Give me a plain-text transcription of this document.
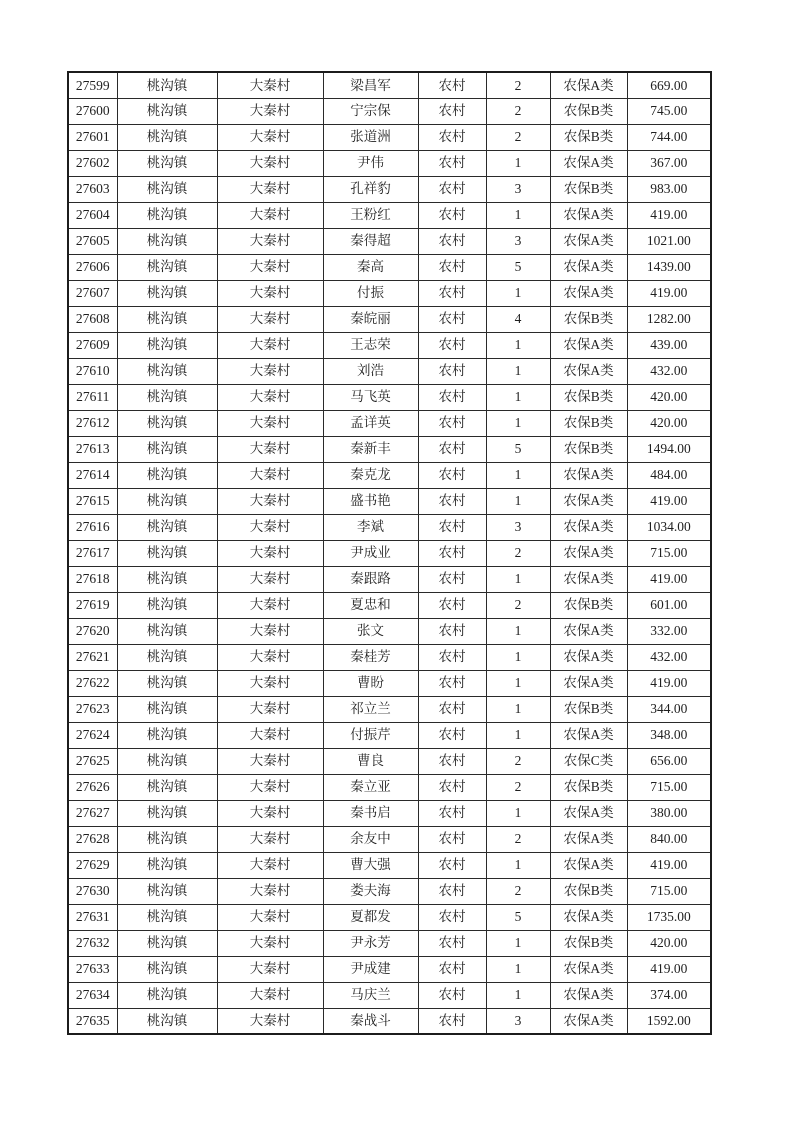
27599	桃沟镇	大秦村	梁昌军	农村	2	农保A类	669.00
27600	桃沟镇	大秦村	宁宗保	农村	2	农保B类	745.00
27601	桃沟镇	大秦村	张道洲	农村	2	农保B类	744.00
27602	桃沟镇	大秦村	尹伟	农村	1	农保A类	367.00
27603	桃沟镇	大秦村	孔祥豹	农村	3	农保B类	983.00
27604	桃沟镇	大秦村	王粉红	农村	1	农保A类	419.00
27605	桃沟镇	大秦村	秦得超	农村	3	农保A类	1021.00
27606	桃沟镇	大秦村	秦高	农村	5	农保A类	1439.00
27607	桃沟镇	大秦村	付振	农村	1	农保A类	419.00
27608	桃沟镇	大秦村	秦皖丽	农村	4	农保B类	1282.00
27609	桃沟镇	大秦村	王志荣	农村	1	农保A类	439.00
27610	桃沟镇	大秦村	刘浩	农村	1	农保A类	432.00
27611	桃沟镇	大秦村	马飞英	农村	1	农保B类	420.00
27612	桃沟镇	大秦村	孟详英	农村	1	农保B类	420.00
27613	桃沟镇	大秦村	秦新丰	农村	5	农保B类	1494.00
27614	桃沟镇	大秦村	秦克龙	农村	1	农保A类	484.00
27615	桃沟镇	大秦村	盛书艳	农村	1	农保A类	419.00
27616	桃沟镇	大秦村	李斌	农村	3	农保A类	1034.00
27617	桃沟镇	大秦村	尹成业	农村	2	农保A类	715.00
27618	桃沟镇	大秦村	秦跟路	农村	1	农保A类	419.00
27619	桃沟镇	大秦村	夏忠和	农村	2	农保B类	601.00
27620	桃沟镇	大秦村	张文	农村	1	农保A类	332.00
27621	桃沟镇	大秦村	秦桂芳	农村	1	农保A类	432.00
27622	桃沟镇	大秦村	曹盼	农村	1	农保A类	419.00
27623	桃沟镇	大秦村	祁立兰	农村	1	农保B类	344.00
27624	桃沟镇	大秦村	付振芹	农村	1	农保A类	348.00
27625	桃沟镇	大秦村	曹良	农村	2	农保C类	656.00
27626	桃沟镇	大秦村	秦立亚	农村	2	农保B类	715.00
27627	桃沟镇	大秦村	秦书启	农村	1	农保A类	380.00
27628	桃沟镇	大秦村	余友中	农村	2	农保A类	840.00
27629	桃沟镇	大秦村	曹大强	农村	1	农保A类	419.00
27630	桃沟镇	大秦村	娄夫海	农村	2	农保B类	715.00
27631	桃沟镇	大秦村	夏都发	农村	5	农保A类	1735.00
27632	桃沟镇	大秦村	尹永芳	农村	1	农保B类	420.00
27633	桃沟镇	大秦村	尹成建	农村	1	农保A类	419.00
27634	桃沟镇	大秦村	马庆兰	农村	1	农保A类	374.00
27635	桃沟镇	大秦村	秦战斗	农村	3	农保A类	1592.00
